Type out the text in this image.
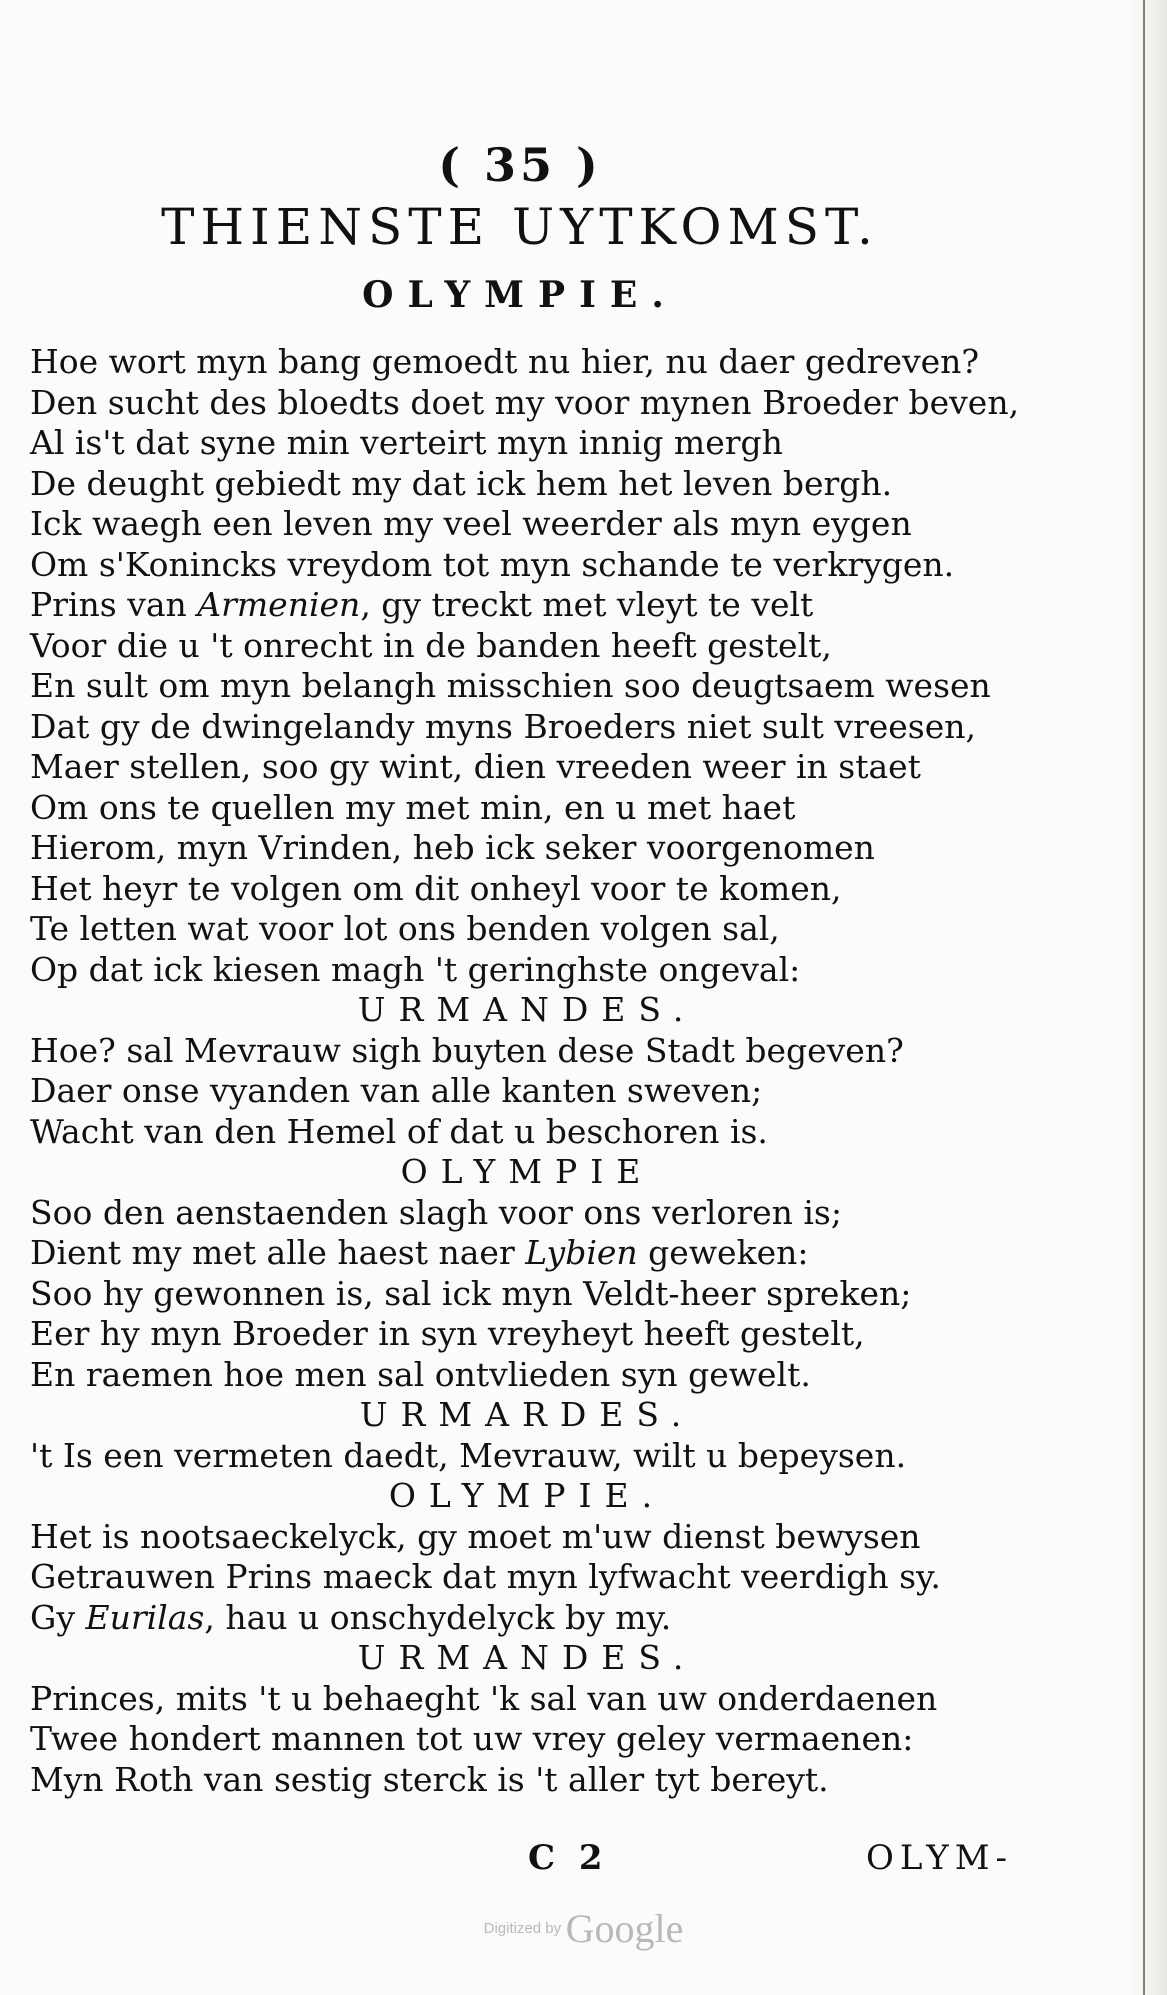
( 35 )
THIENSTE UYTKOMST.
OLYMPIE.
Hoe wort myn bang gemoedt nu hier, nu daer gedreven?
Den sucht des bloedts doet my voor mynen Broeder beven,
Al is't dat syne min verteirt myn innig mergh
De deught gebiedt my dat ick hem het leven bergh.
Ick waegh een leven my veel weerder als myn eygen
Om s'Konincks vreydom tot myn schande te verkrygen.
Prins van Armenien, gy treckt met vleyt te velt
Voor die u 't onrecht in de banden heeft gestelt,
En sult om myn belangh misschien soo deugtsaem wesen
Dat gy de dwingelandy myns Broeders niet sult vreesen,
Maer stellen, soo gy wint, dien vreeden weer in staet
Om ons te quellen my met min, en u met haet
Hierom, myn Vrinden, heb ick seker voorgenomen
Het heyr te volgen om dit onheyl voor te komen,
Te letten wat voor lot ons benden volgen sal,
Op dat ick kiesen magh 't geringhste ongeval:
URMANDES.
Hoe? sal Mevrauw sigh buyten dese Stadt begeven?
Daer onse vyanden van alle kanten sweven;
Wacht van den Hemel of dat u beschoren is.
OLYMPIE
Soo den aenstaenden slagh voor ons verloren is;
Dient my met alle haest naer Lybien geweken:
Soo hy gewonnen is, sal ick myn Veldt-heer spreken;
Eer hy myn Broeder in syn vreyheyt heeft gestelt,
En raemen hoe men sal ontvlieden syn gewelt.
URMARDES.
't Is een vermeten daedt, Mevrauw, wilt u bepeysen.
OLYMPIE.
Het is nootsaeckelyck, gy moet m'uw dienst bewysen
Getrauwen Prins maeck dat myn lyfwacht veerdigh sy.
Gy Eurilas, hau u onschydelyck by my.
URMANDES.
Princes, mits 't u behaeght 'k sal van uw onderdaenen
Twee hondert mannen tot uw vrey geley vermaenen:
Myn Roth van sestig sterck is 't aller tyt bereyt.
C 2	OLYM-
Digitized by Google
